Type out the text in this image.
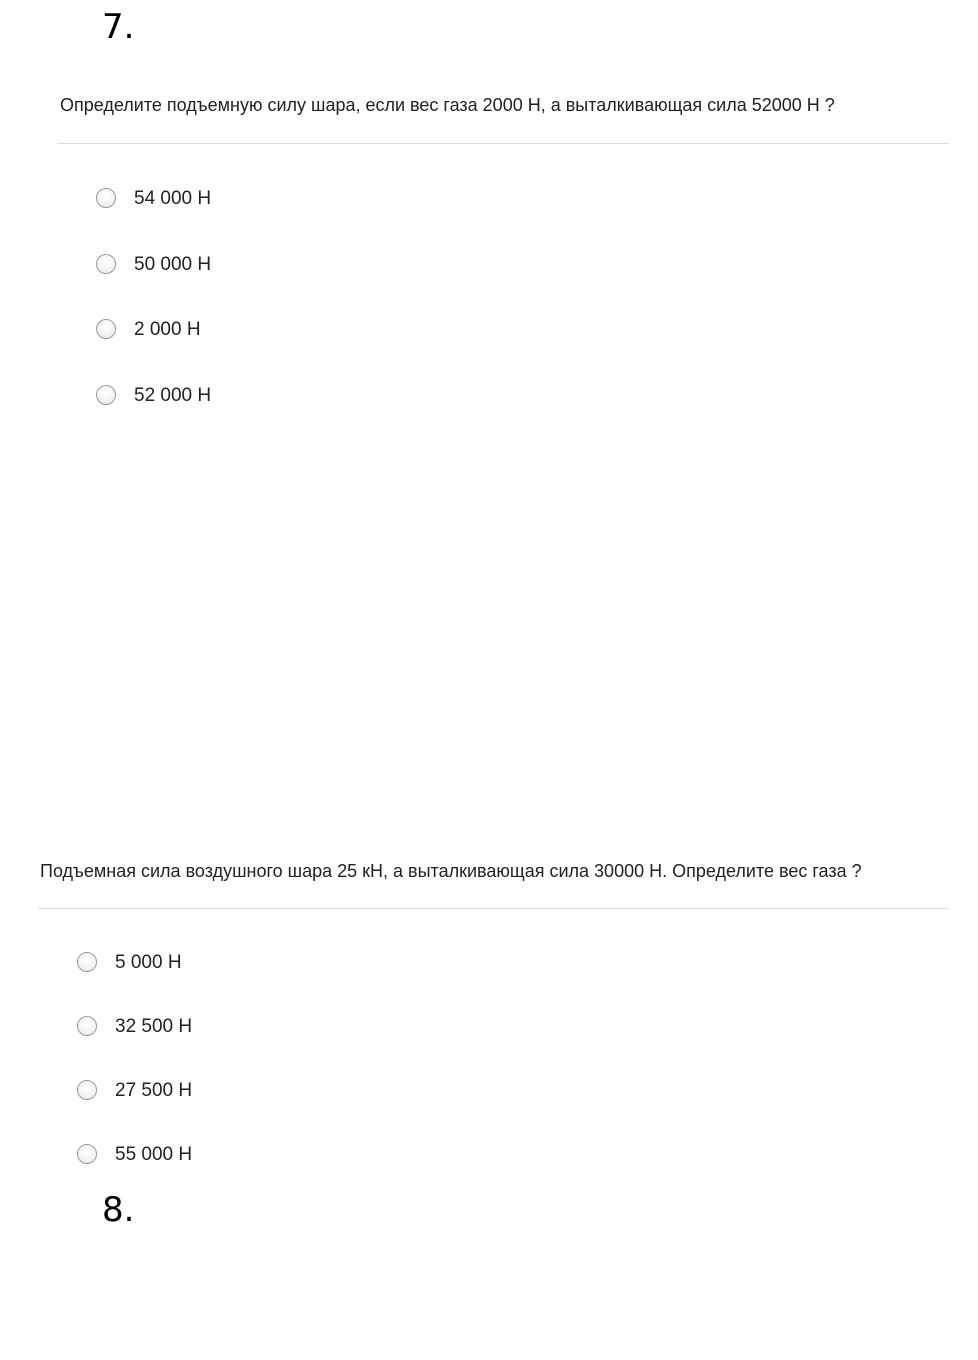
7.
Определите подъемную силу шара, если вес газа 2000 Н, а выталкивающая сила 52000 Н ?
54 000 Н
50 000 Н
2 000 Н
52 000 Н
Подъемная сила воздушного шара 25 кН, а выталкивающая сила 30000 Н. Определите вес газа ?
5 000 Н
32 500 Н
27 500 Н
55 000 Н
8.
